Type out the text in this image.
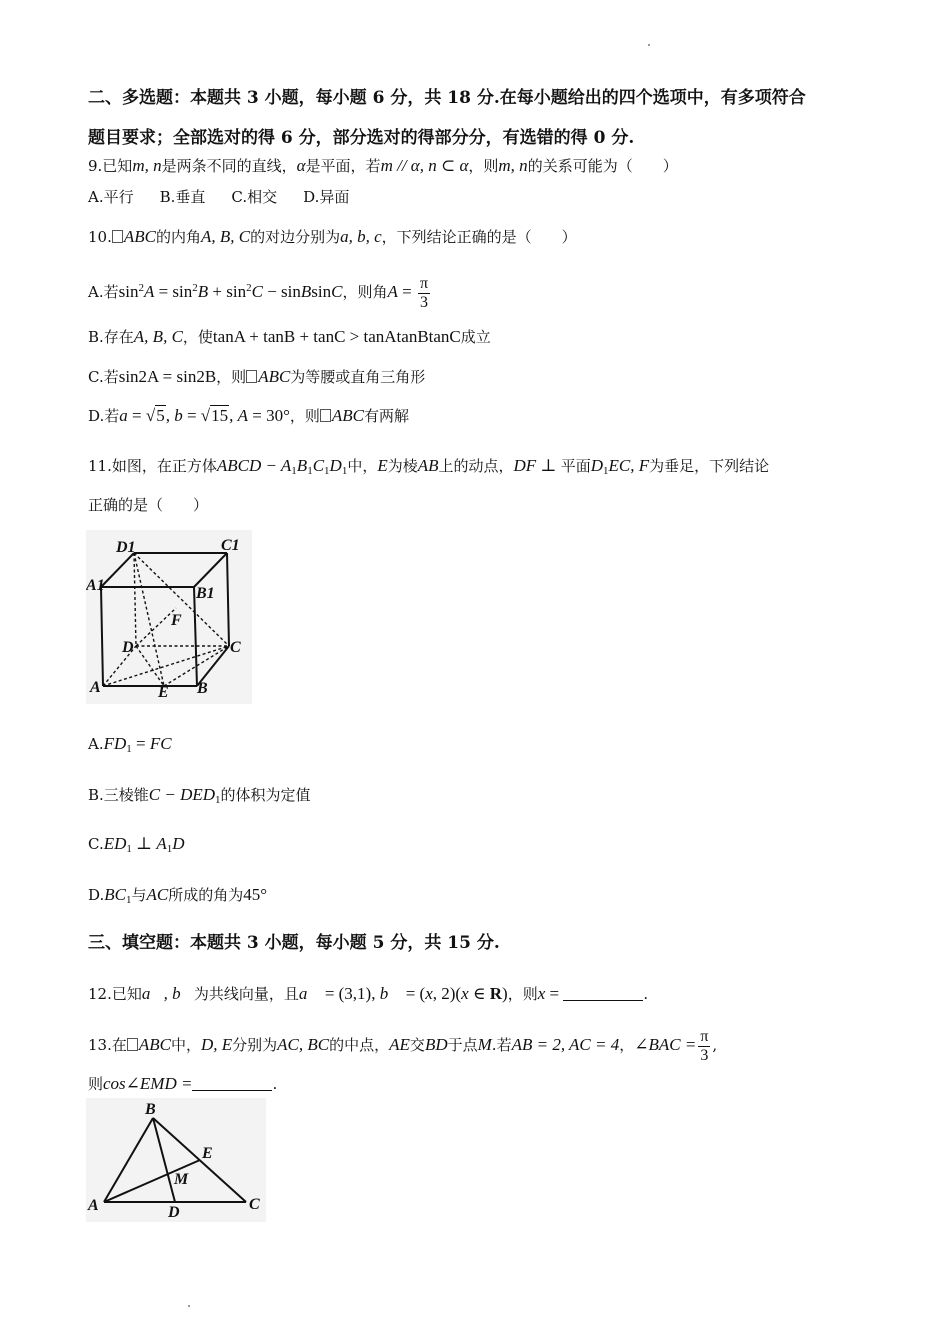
二、多选题：本题共 3 小题，每小题 6 分，共 18 分.在每小题给出的四个选项中，有多项符合
题目要求；全部选对的得 6 分，部分选对的得部分分，有选错的得 0 分.
9.已知m, n是两条不同的直线，α是平面，若m // α, n ⊂ α，则m, n的关系可能为（　　）
A.平行 B.垂直 C.相交 D.异面
10. ABC的内角A, B, C的对边分别为a, b, c，下列结论正确的是（　　）
A.若$\sin^2A = \sin^2B + \sin^2C$ − sinBsinC，则角$A = \frac{\pi}{3}$
B.存在A, B, C，使tanA + tanB + tanC > tanAtanBtanC成立
C.若sin2A = sin2B，则 ABC为等腰或直角三角形
D.若a = √5, b = √15, A = 30°，则 ABC有两解
11.如图，在正方体ABCD − $A_1B_1C_1D_1$中，E为棱AB上的动点，DF ⊥ 平面$D_1EC$, F为垂足，下列结论
正确的是（　　）
D1	C1
A1	B1
F
D	C
A	E B
$A.FD_1$ = FC
B.三棱锥$C - DED_1$的体积为定值
$C.ED_1$ ⊥ $A_1D$
$D.BC_1$与AC所成的角为45°
三、填空题：本题共 3 小题，每小题 5 分，共 15 分.
12.已知a⃗, b⃗为共线向量，且a⃗ = (3,1), b⃗ = (x, 2)(x ∈ R)，则x =	.
13.在 ABC中，D, E分别为AC, BC的中点，AE交BD于点M.若AB = 2, AC = 4，∠BAC = $\frac{\pi}{3}$ ,
则cos∠EMD =	.
B
E
M
A	D	C
